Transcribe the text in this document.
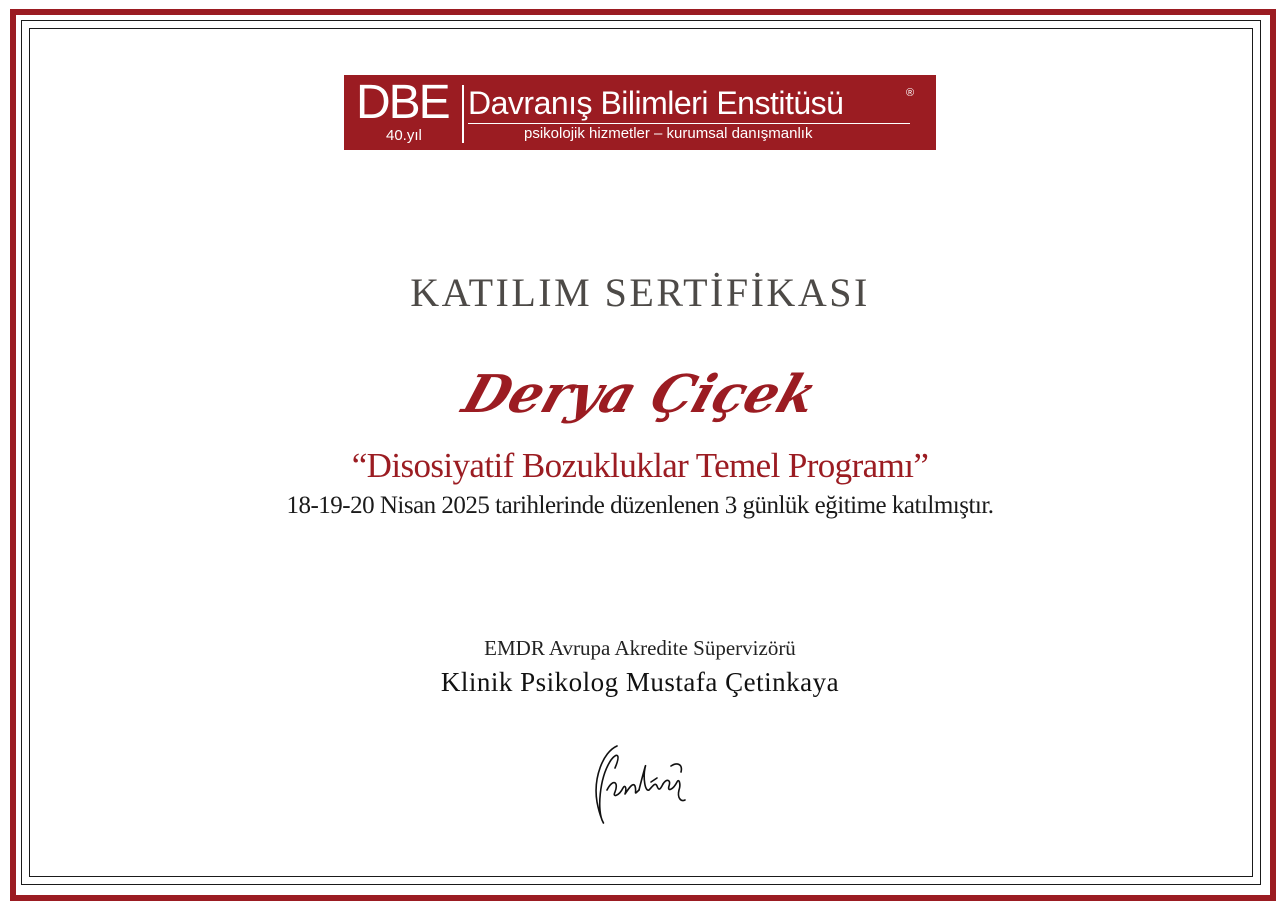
DBE
40.yıl
Davranış Bilimleri Enstitüsü	®
psikolojik hizmetler – kurumsal danışmanlık
KATILIM SERTİFİKASI
Derya Çiçek
“Disosiyatif Bozukluklar Temel Programı”
18-19-20 Nisan 2025 tarihlerinde düzenlenen 3 günlük eğitime katılmıştır.
EMDR Avrupa Akredite Süpervizörü
Klinik Psikolog Mustafa Çetinkaya
